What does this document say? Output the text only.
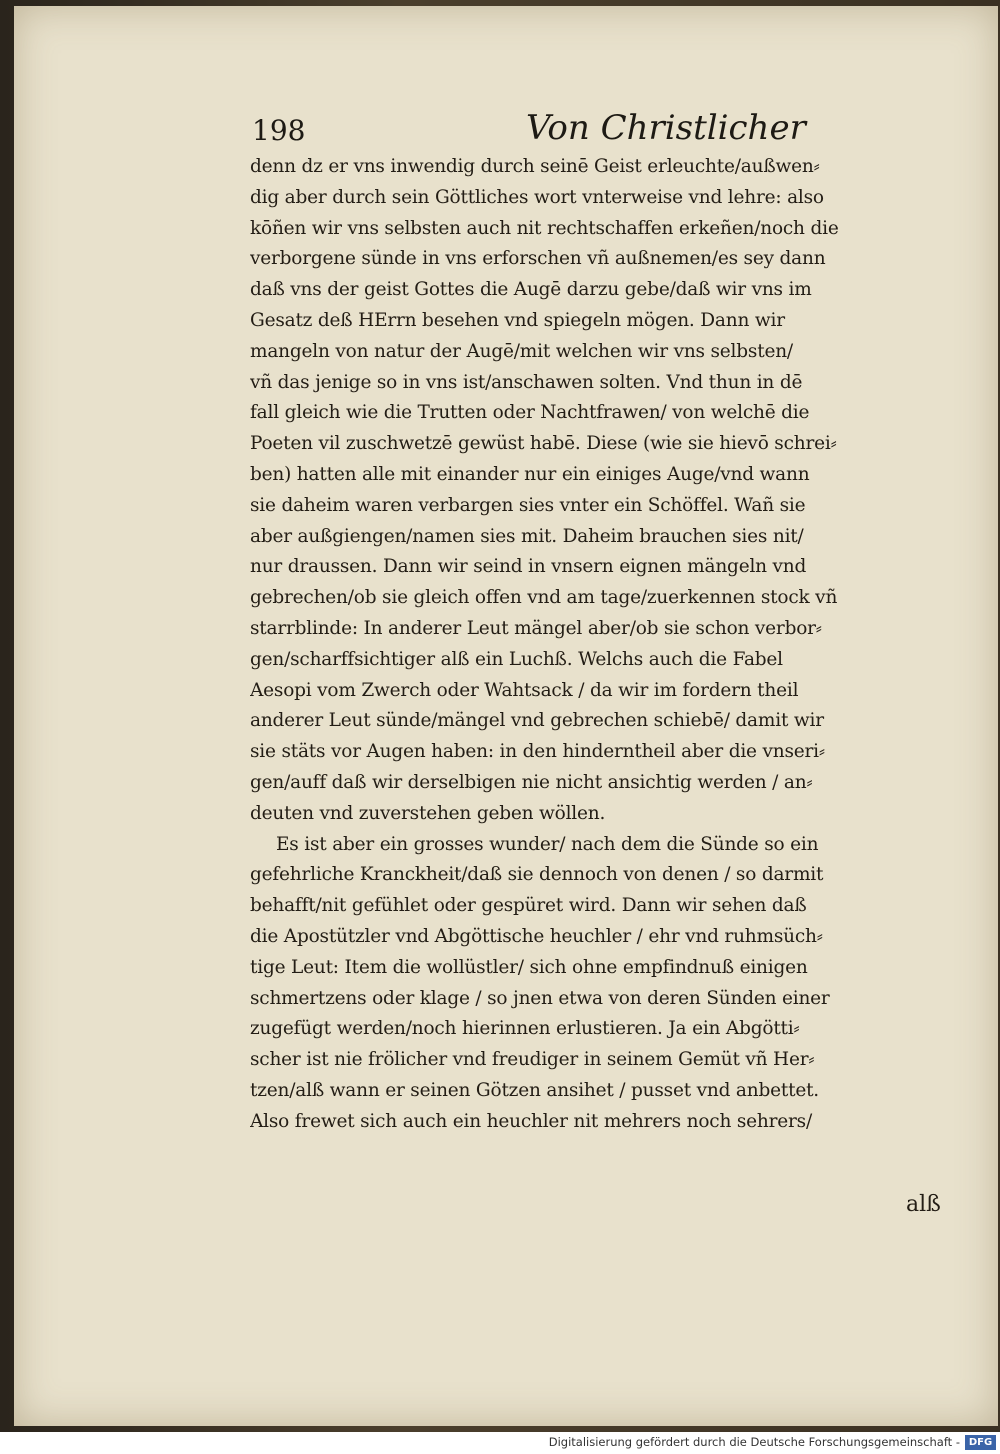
198	Von Christlicher

denn dz er vns inwendig durch seinē Geist erleuchte/außwen⸗
dig aber durch sein Göttliches wort vnterweise vnd lehre: also
kōñen wir vns selbsten auch nit rechtschaffen erkeñen/noch die
verborgene sünde in vns erforschen vñ außnemen/es sey dann
daß vns der geist Gottes die Augē darzu gebe/daß wir vns im
Gesatz deß HErrn besehen vnd spiegeln mögen. Dann wir
mangeln von natur der Augē/mit welchen wir vns selbsten/
vñ das jenige so in vns ist/anschawen solten. Vnd thun in dē
fall gleich wie die Trutten oder Nachtfrawen/ von welchē die
Poeten vil zuschwetzē gewüst habē. Diese (wie sie hievō schrei⸗
ben) hatten alle mit einander nur ein einiges Auge/vnd wann
sie daheim waren verbargen sies vnter ein Schöffel. Wañ sie
aber außgiengen/namen sies mit. Daheim brauchen sies nit/
nur draussen. Dann wir seind in vnsern eignen mängeln vnd
gebrechen/ob sie gleich offen vnd am tage/zuerkennen stock vñ
starrblinde: In anderer Leut mängel aber/ob sie schon verbor⸗
gen/scharffsichtiger alß ein Luchß. Welchs auch die Fabel
Aesopi vom Zwerch oder Wahtsack / da wir im fordern theil
anderer Leut sünde/mängel vnd gebrechen schiebē/ damit wir
sie stäts vor Augen haben: in den hinderntheil aber die vnseri⸗
gen/auff daß wir derselbigen nie nicht ansichtig werden / an⸗
deuten vnd zuverstehen geben wöllen.
Es ist aber ein grosses wunder/ nach dem die Sünde so ein
gefehrliche Kranckheit/daß sie dennoch von denen / so darmit
behafft/nit gefühlet oder gespüret wird. Dann wir sehen daß
die Apostützler vnd Abgöttische heuchler / ehr vnd ruhmsüch⸗
tige Leut: Item die wollüstler/ sich ohne empfindnuß einigen
schmertzens oder klage / so jnen etwa von deren Sünden einer
zugefügt werden/noch hierinnen erlustieren. Ja ein Abgötti⸗
scher ist nie frölicher vnd freudiger in seinem Gemüt vñ Her⸗
tzen/alß wann er seinen Götzen ansihet / pusset vnd anbettet.
Also frewet sich auch ein heuchler nit mehrers noch sehrers/

alß

Digitalisierung gefördert durch die Deutsche Forschungsgemeinschaft - DFG
